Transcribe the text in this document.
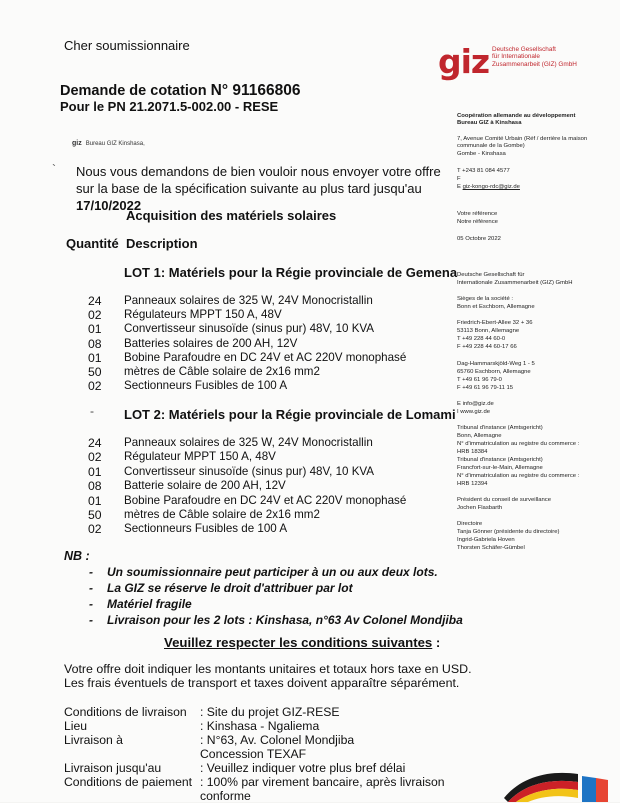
Cher soumissionnaire	giz Deutsche Gesellschaft
für Internationale
Zusammenarbeit (GIZ) GmbH
Demande de cotation N° 91166806
Pour le PN 21.2071.5-002.00 - RESE
giz Bureau GIZ Kinshasa,
` Nous vous demandons de bien vouloir nous envoyer votre offre sur la base de la spécification suivante au plus tard jusqu'au 17/10/2022
Acquisition des matériels solaires
Quantité Description
LOT 1: Matériels pour la Régie provinciale de Gemena
24 Panneaux solaires de 325 W, 24V Monocristallin
02 Régulateurs MPPT 150 A, 48V
01 Convertisseur sinusoïde (sinus pur) 48V, 10 KVA
08 Batteries solaires de 200 AH, 12V
01 Bobine Parafoudre en DC 24V et AC 220V monophasé
50 mètres de Câble solaire de 2x16 mm2
02 Sectionneurs Fusibles de 100 A
- LOT 2: Matériels pour la Régie provinciale de Lomami
24 Panneaux solaires de 325 W, 24V Monocristallin
02 Régulateur MPPT 150 A, 48V
01 Convertisseur sinusoïde (sinus pur) 48V, 10 KVA
08 Batterie solaire de 200 AH, 12V
01 Bobine Parafoudre en DC 24V et AC 220V monophasé
50 mètres de Câble solaire de 2x16 mm2
02 Sectionneurs Fusibles de 100 A
NB :
- Un soumissionnaire peut participer à un ou aux deux lots.
- La GIZ se réserve le droit d'attribuer par lot
- Matériel fragile
- Livraison pour les 2 lots : Kinshasa, n°63 Av Colonel Mondjiba
Veuillez respecter les conditions suivantes :
Votre offre doit indiquer les montants unitaires et totaux hors taxe en USD.
Les frais éventuels de transport et taxes doivent apparaître séparément.
Conditions de livraison : Site du projet GIZ-RESE
Lieu	: Kinshasa - Ngaliema
Livraison à	: N°63, Av. Colonel Mondjiba
Concession TEXAF
Livraison jusqu'au	: Veuillez indiquer votre plus bref délai
Conditions de paiement : 100% par virement bancaire, après livraison
conforme
Coopération allemande au développement
Bureau GIZ à Kinshasa
7, Avenue Comité Urbain (Réf / derrière la maison
communale de la Gombe)
Gombe - Kinshasa
T +243 81 084 4577
F
E giz-kongo-rdc@giz.de
Votre référence
Notre référence
05 Octobre 2022
Deutsche Gesellschaft für
Internationale Zusammenarbeit (GIZ) GmbH
Sièges de la société :
Bonn et Eschborn, Allemagne
Friedrich-Ebert-Allee 32 + 36
53113 Bonn, Allemagne
T +49 228 44 60-0
F +49 228 44 60-17 66
Dag-Hammarskjöld-Weg 1 - 5
65760 Eschborn, Allemagne
T +49 61 96 79-0
F +49 61 96 79-11 15
E info@giz.de
I www.giz.de
Tribunal d'instance (Amtsgericht)
Bonn, Allemagne
N° d'immatriculation au registre du commerce :
HRB 18384
Tribunal d'instance (Amtsgericht)
Francfort-sur-le-Main, Allemagne
N° d'immatriculation au registre du commerce :
HRB 12394
Président du conseil de surveillance
Jochen Flasbarth
Directoire
Tanja Gönner (présidente du directoire)
Ingrid-Gabriela Hoven
Thorsten Schäfer-Gümbel
